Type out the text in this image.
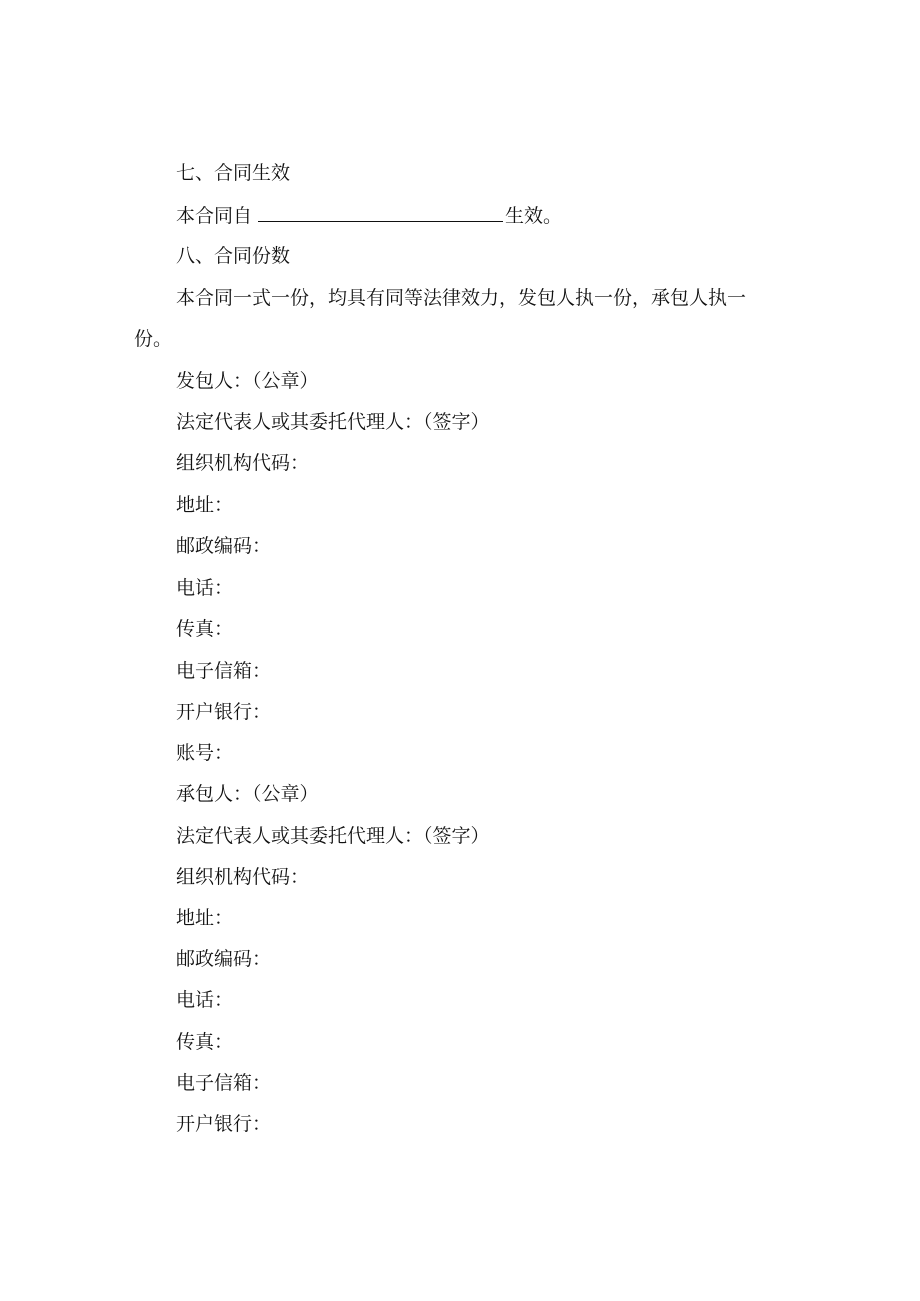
七、合同生效
本合同自	生效。
八、合同份数
本合同一式一份，均具有同等法律效力，发包人执一份，承包人执一
份。
发包人：（公章）
法定代表人或其委托代理人：（签字）
组织机构代码：
地址：
邮政编码：
电话：
传真：
电子信箱：
开户银行：
账号：
承包人：（公章）
法定代表人或其委托代理人：（签字）
组织机构代码：
地址：
邮政编码：
电话：
传真：
电子信箱：
开户银行：
